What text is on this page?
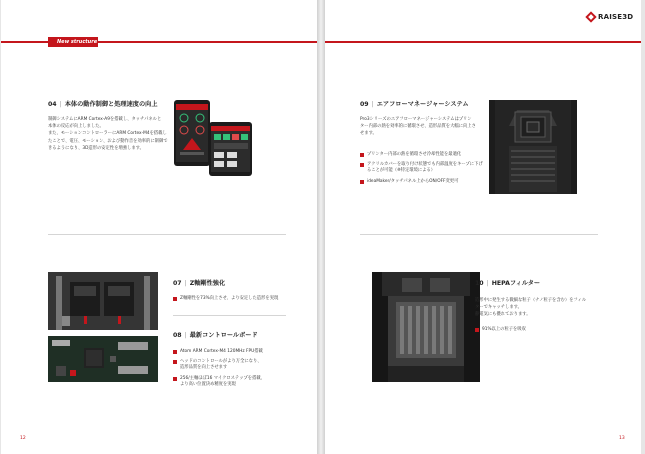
New structure
04 | 本体の動作制御と処理速度の向上
制御システムにARM Cortex-A9を搭載し、タッチパネルと
本体の反応が向上しました。
また、モーションコントローラーにARM Cortex-M4を搭載し
たことで、電圧、モーション、および動作音を効率的に制御で
きるようになり、3D造形の安定性を増強します。
07 | Z軸剛性強化
Z軸剛性を73%向上させ、より安定した造形を実現
08 | 最新コントロールボード
Atom ARM Cortex-M4 120MHz FPU搭載
ヘッドのコントロールがより万全になり、
造形品質を向上させます
256/主軸ほぼ16 マイクロステップを搭載、
より高い位置決め精度を実現
12
RAISE3D
09 | エアフローマネージャーシステム
Pro3シリーズのエアフローマネージャーシステムはプリン
ター内部の熱を効率的に循環させ、造形品質を大幅に向上さ
せます。
プリンター内部の熱を循環させ冷却性能を最適化
アクリルカバーを取り付け状態でも内部温度をキープに下げ
ることが可能（※特定環境による）
ideaMaker/タッチパネル上からON/OFF変更可
10 | HEPAフィルター
造形中に発生する微細な粒子（ナノ粒子を含む）をフィル
ターでキャッチします。
静電気にも優れております。
91%以上の粒子を吸収
13
